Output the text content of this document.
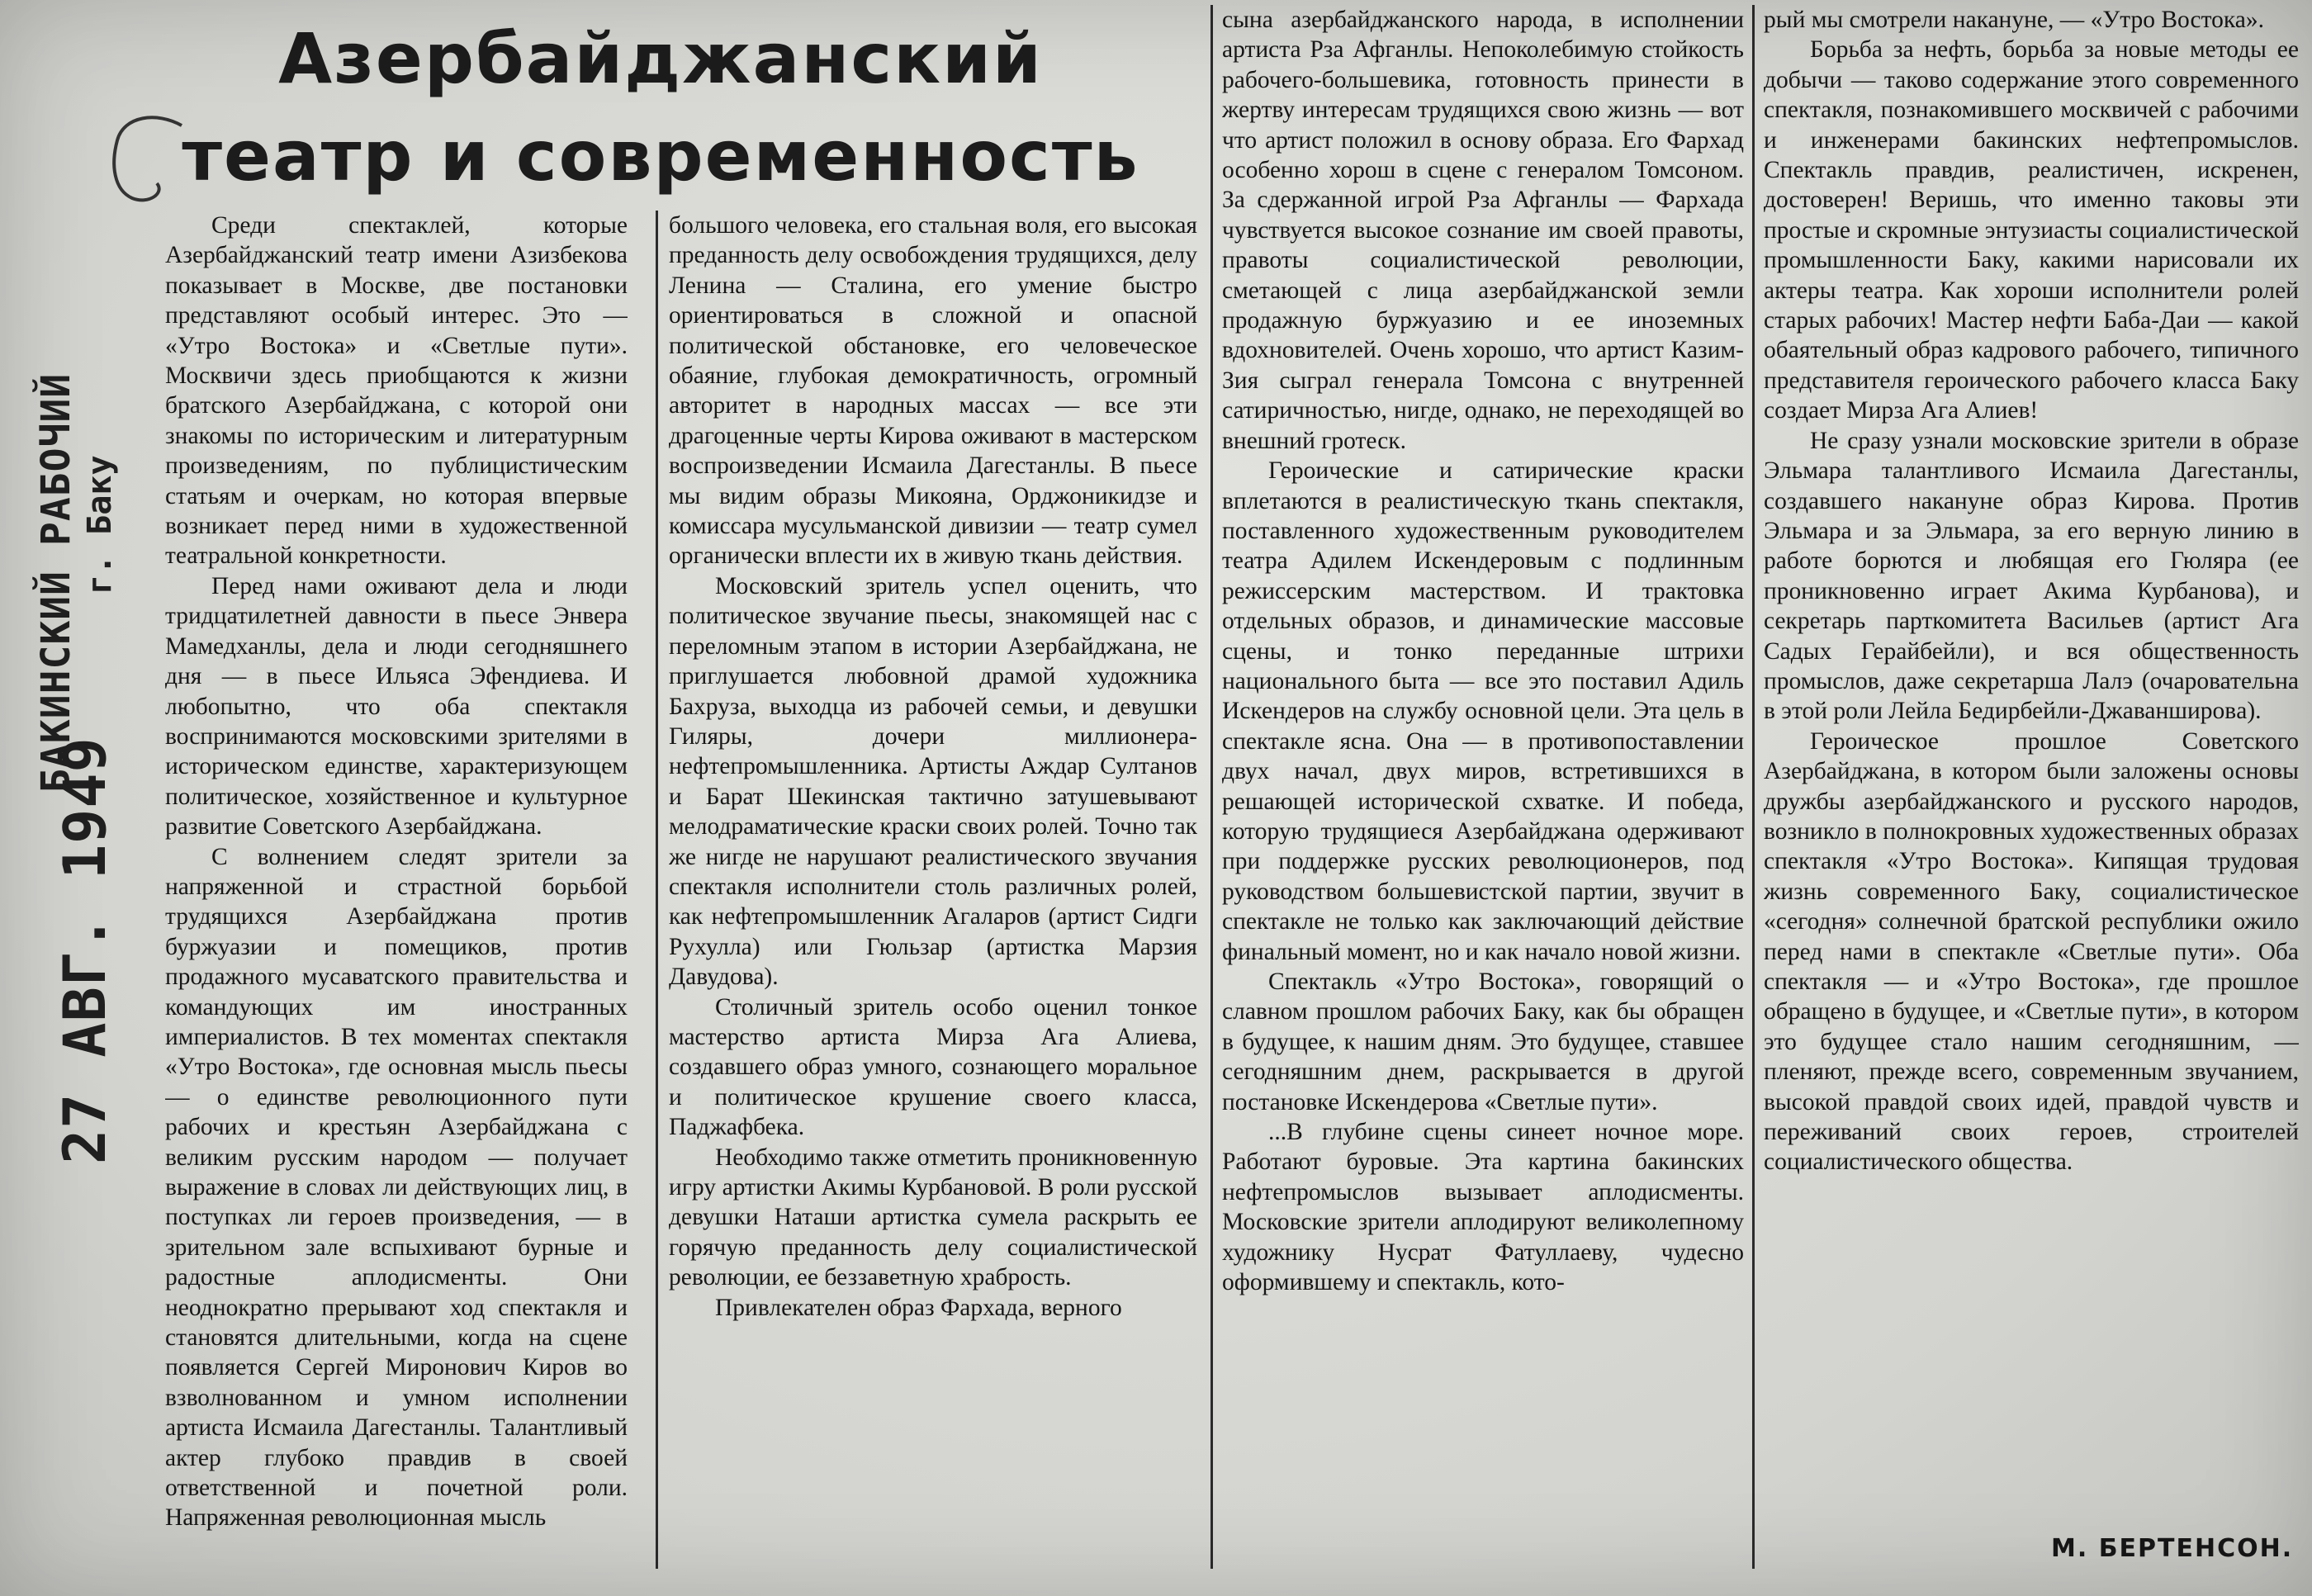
Азербайджанский театр и современность
БАКИНСКИЙ РАБОЧИЙ г. Баку
27 АВГ. 1949

Среди спектаклей, которые Азербайджанский театр имени Азизбекова показывает в Москве, две постановки представляют особый интерес. Это — «Утро Востока» и «Светлые пути». Москвичи здесь приобщаются к жизни братского Азербайджана, с которой они знакомы по историческим и литературным произведениям, по публицистическим статьям и очеркам, но которая впервые возникает перед ними в художественной театральной конкретности.

Перед нами оживают дела и люди тридцатилетней давности в пьесе Энвера Мамедханлы, дела и люди сегодняшнего дня — в пьесе Ильяса Эфендиева. И любопытно, что оба спектакля воспринимаются московскими зрителями в историческом единстве, характеризующем политическое, хозяйственное и культурное развитие Советского Азербайджана.

С волнением следят зрители за напряженной и страстной борьбой трудящихся Азербайджана против буржуазии и помещиков, против продажного мусаватского правительства и командующих им иностранных империалистов. В тех моментах спектакля «Утро Востока», где основная мысль пьесы — о единстве революционного пути рабочих и крестьян Азербайджана с великим русским народом — получает выражение в словах ли действующих лиц, в поступках ли героев произведения, — в зрительном зале вспыхивают бурные и радостные аплодисменты. Они неоднократно прерывают ход спектакля и становятся длительными, когда на сцене появляется Сергей Миронович Киров во взволнованном и умном исполнении артиста Исмаила Дагестанлы. Талантливый актер глубоко правдив в своей ответственной и почетной роли. Напряженная революционная мысль

большого человека, его стальная воля, его высокая преданность делу освобождения трудящихся, делу Ленина — Сталина, его умение быстро ориентироваться в сложной и опасной политической обстановке, его человеческое обаяние, глубокая демократичность, огромный авторитет в народных массах — все эти драгоценные черты Кирова оживают в мастерском воспроизведении Исмаила Дагестанлы. В пьесе мы видим образы Микояна, Орджоникидзе и комиссара мусульманской дивизии — театр сумел органически вплести их в живую ткань действия.

Московский зритель успел оценить, что политическое звучание пьесы, знакомящей нас с переломным этапом в истории Азербайджана, не приглушается любовной драмой художника Бахруза, выходца из рабочей семьи, и девушки Гиляры, дочери миллионера-нефтепромышленника. Артисты Аждар Султанов и Барат Шекинская тактично затушевывают мелодраматические краски своих ролей. Точно так же нигде не нарушают реалистического звучания спектакля исполнители столь различных ролей, как нефтепромышленник Агаларов (артист Сидги Рухулла) или Гюльзар (артистка Марзия Давудова).

Столичный зритель особо оценил тонкое мастерство артиста Мирза Ага Алиева, создавшего образ умного, сознающего моральное и политическое крушение своего класса, Паджафбека.

Необходимо также отметить проникновенную игру артистки Акимы Курбановой. В роли русской девушки Наташи артистка сумела раскрыть ее горячую преданность делу социалистической революции, ее беззаветную храбрость.

Привлекателен образ Фархада, верного

сына азербайджанского народа, в исполнении артиста Рза Афганлы. Непоколебимую стойкость рабочего-большевика, готовность принести в жертву интересам трудящихся свою жизнь — вот что артист положил в основу образа. Его Фархад особенно хорош в сцене с генералом Томсоном. За сдержанной игрой Рза Афганлы — Фархада чувствуется высокое сознание им своей правоты, правоты социалистической революции, сметающей с лица азербайджанской земли продажную буржуазию и ее иноземных вдохновителей. Очень хорошо, что артист Казим-Зия сыграл генерала Томсона с внутренней сатиричностью, нигде, однако, не переходящей во внешний гротеск.

Героические и сатирические краски вплетаются в реалистическую ткань спектакля, поставленного художественным руководителем театра Адилем Искендеровым с подлинным режиссерским мастерством. И трактовка отдельных образов, и динамические массовые сцены, и тонко переданные штрихи национального быта — все это поставил Адиль Искендеров на службу основной цели. Эта цель в спектакле ясна. Она — в противопоставлении двух начал, двух миров, встретившихся в решающей исторической схватке. И победа, которую трудящиеся Азербайджана одерживают при поддержке русских революционеров, под руководством большевистской партии, звучит в спектакле не только как заключающий действие финальный момент, но и как начало новой жизни.

Спектакль «Утро Востока», говорящий о славном прошлом рабочих Баку, как бы обращен в будущее, к нашим дням. Это будущее, ставшее сегодняшним днем, раскрывается в другой постановке Искендерова «Светлые пути».

...В глубине сцены синеет ночное море. Работают буровые. Эта картина бакинских нефтепромыслов вызывает аплодисменты. Московские зрители аплодируют великолепному художнику Нусрат Фатуллаеву, чудесно оформившему и спектакль, кото-

рый мы смотрели накануне, — «Утро Востока».

Борьба за нефть, борьба за новые методы ее добычи — таково содержание этого современного спектакля, познакомившего москвичей с рабочими и инженерами бакинских нефтепромыслов. Спектакль правдив, реалистичен, искренен, достоверен! Веришь, что именно таковы эти простые и скромные энтузиасты социалистической промышленности Баку, какими нарисовали их актеры театра. Как хороши исполнители ролей старых рабочих! Мастер нефти Баба-Даи — какой обаятельный образ кадрового рабочего, типичного представителя героического рабочего класса Баку создает Мирза Ага Алиев!

Не сразу узнали московские зрители в образе Эльмара талантливого Исмаила Дагестанлы, создавшего накануне образ Кирова. Против Эльмара и за Эльмара, за его верную линию в работе борются и любящая его Гюляра (ее проникновенно играет Акима Курбанова), и секретарь парткомитета Васильев (артист Ага Садых Герайбейли), и вся общественность промыслов, даже секретарша Лалэ (очаровательна в этой роли Лейла Бедирбейли-Джаваншировa).

Героическое прошлое Советского Азербайджана, в котором были заложены основы дружбы азербайджанского и русского народов, возникло в полнокровных художественных образах спектакля «Утро Востока». Кипящая трудовая жизнь современного Баку, социалистическое «сегодня» солнечной братской республики ожило перед нами в спектакле «Светлые пути». Оба спектакля — и «Утро Востока», где прошлое обращено в будущее, и «Светлые пути», в котором это будущее стало нашим сегодняшним, — пленяют, прежде всего, современным звучанием, высокой правдой своих идей, правдой чувств и переживаний своих героев, строителей социалистического общества.

М. БЕРТЕНСОН.
